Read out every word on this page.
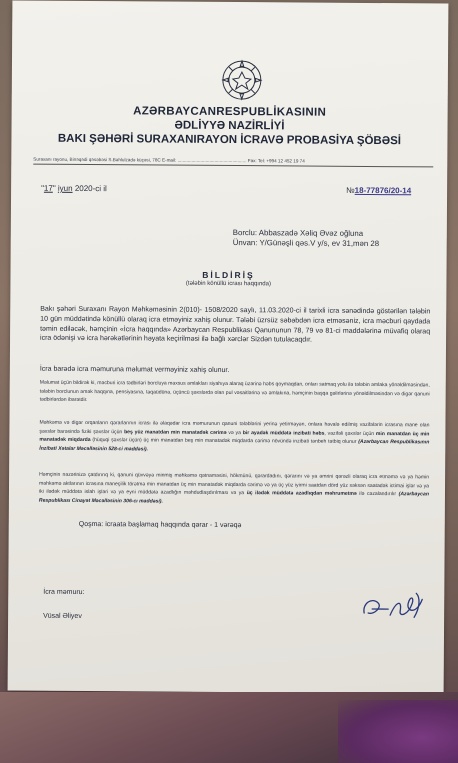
AZƏRBAYCANRESPUBLİKASININ
ƏDLİYYƏ NAZİRLİYİ
BAKI ŞƏHƏRİ SURAXANIRAYON İCRAVƏ PROBASİYA ŞÖBƏSİ
Suraxanı rayonu, Binəqədi qəsəbəsi S.Bəhlulzadə küçəsi, 78C E-mail: ...................................................... Fax: Tel: +994 12 452 19 74
"17" iyun 2020-ci il	№18-77876/20-14
Borclu: Abbaszadə Xəliq Əvəz oğluna
Ünvan: Y/Günəşli qəs.V y/s, ev 31,mən 28
BİLDİRİŞ
(tələbin könüllü icrası haqqında)

Bakı şəhəri Suraxanı Rayon Məhkəməsinin 2(010)- 1508/2020 saylı, 11.03.2020-ci il tarixli icra sənədində göstərilən tələbin 10 gün müddətində könüllü olaraq icra etməyiniz xahiş olunur. Tələbi üzrsüz səbəbdən icra etməsəniz, icra məcburi qaydada təmin ediləcək, həmçinin «İcra haqqında» Azərbaycan Respublikası Qanununun 78, 79 və 81-ci maddələrinə müvafiq olaraq icra ödənişi və icra hərəkətlərinin həyata keçirilməsi ilə bağlı xərclər Sizdən tutulacaqdır.

İcra barədə icra məmuruna məlumat verməyiniz xahiş olunur.

Məlumat üçün bildirək ki, məcburi icra tədbirləri borcluya məxsus əmlakları siyahıya alaraq üzərinə həbs qoymaqdan, onları satmaq yolu ilə tələbin əmlaka yönəldilməsindən, tələbin borclunun əmək haqqına, pensiyasına, təqaüdünə, üçüncü şəxslərdə olan pul vəsaitlərinə və əmlakına, həmçinin başqa gəlirlərinə yönəldilməsindən və digər qanuni tədbirlərdən ibarətdir.

Məhkəmə və digər orqanların qərarlarının icrası ilə əlaqədar icra məmurunun qanuni tələblərini yerinə yetirməyən, onlara həvalə edilmiş vəzifələrin icrasına mane olan şəxslər barəsində fiziki şəxslər üçün beş yüz manatdan min manatadək cərimə və ya bir ayadək müddətə inzibati həbs, vəzifəli şəxslər üçün min manatdan üç min manatadək miqdarda (hüquqi şəxslər üçün) üç min manatdan beş min manatadək miqdarda cərimə növündə inzibati tənbeh tətbiq olunur (Azərbaycan Respublikasının İnzibati Xətalar Məcəlləsinin 528-ci maddəsi).

Həmçinin nəzərinizə çatdırırıq ki, qanuni qüvvəyə minmiş məhkəmə qətnaməsini, hökmünü, qərardadını, qərarını və ya əmrini qərəzli olaraq icra etməmə və ya həmin məhkəmə aktlarının icrasına maneçilik törətmə min manatdan üç min manatadək miqdarda cərimə və ya üç yüz iyirmi saatdan dörd yüz səksən saatadək ictimai işlər və ya iki ilədək müddətə islah işləri və ya eyni müddətə azadlığın məhdudlaşdırılması və ya üç ilədək müddətə azadlıqdan məhrumetmə ilə cəzalandırılır (Azərbaycan Respublikası Cinayət Məcəlləsinin 306-cı maddəsi).

Qoşma: icraata başlamaq haqqında qərar - 1 vərəqə
İcra məmuru:
Vüsal Əliyev
